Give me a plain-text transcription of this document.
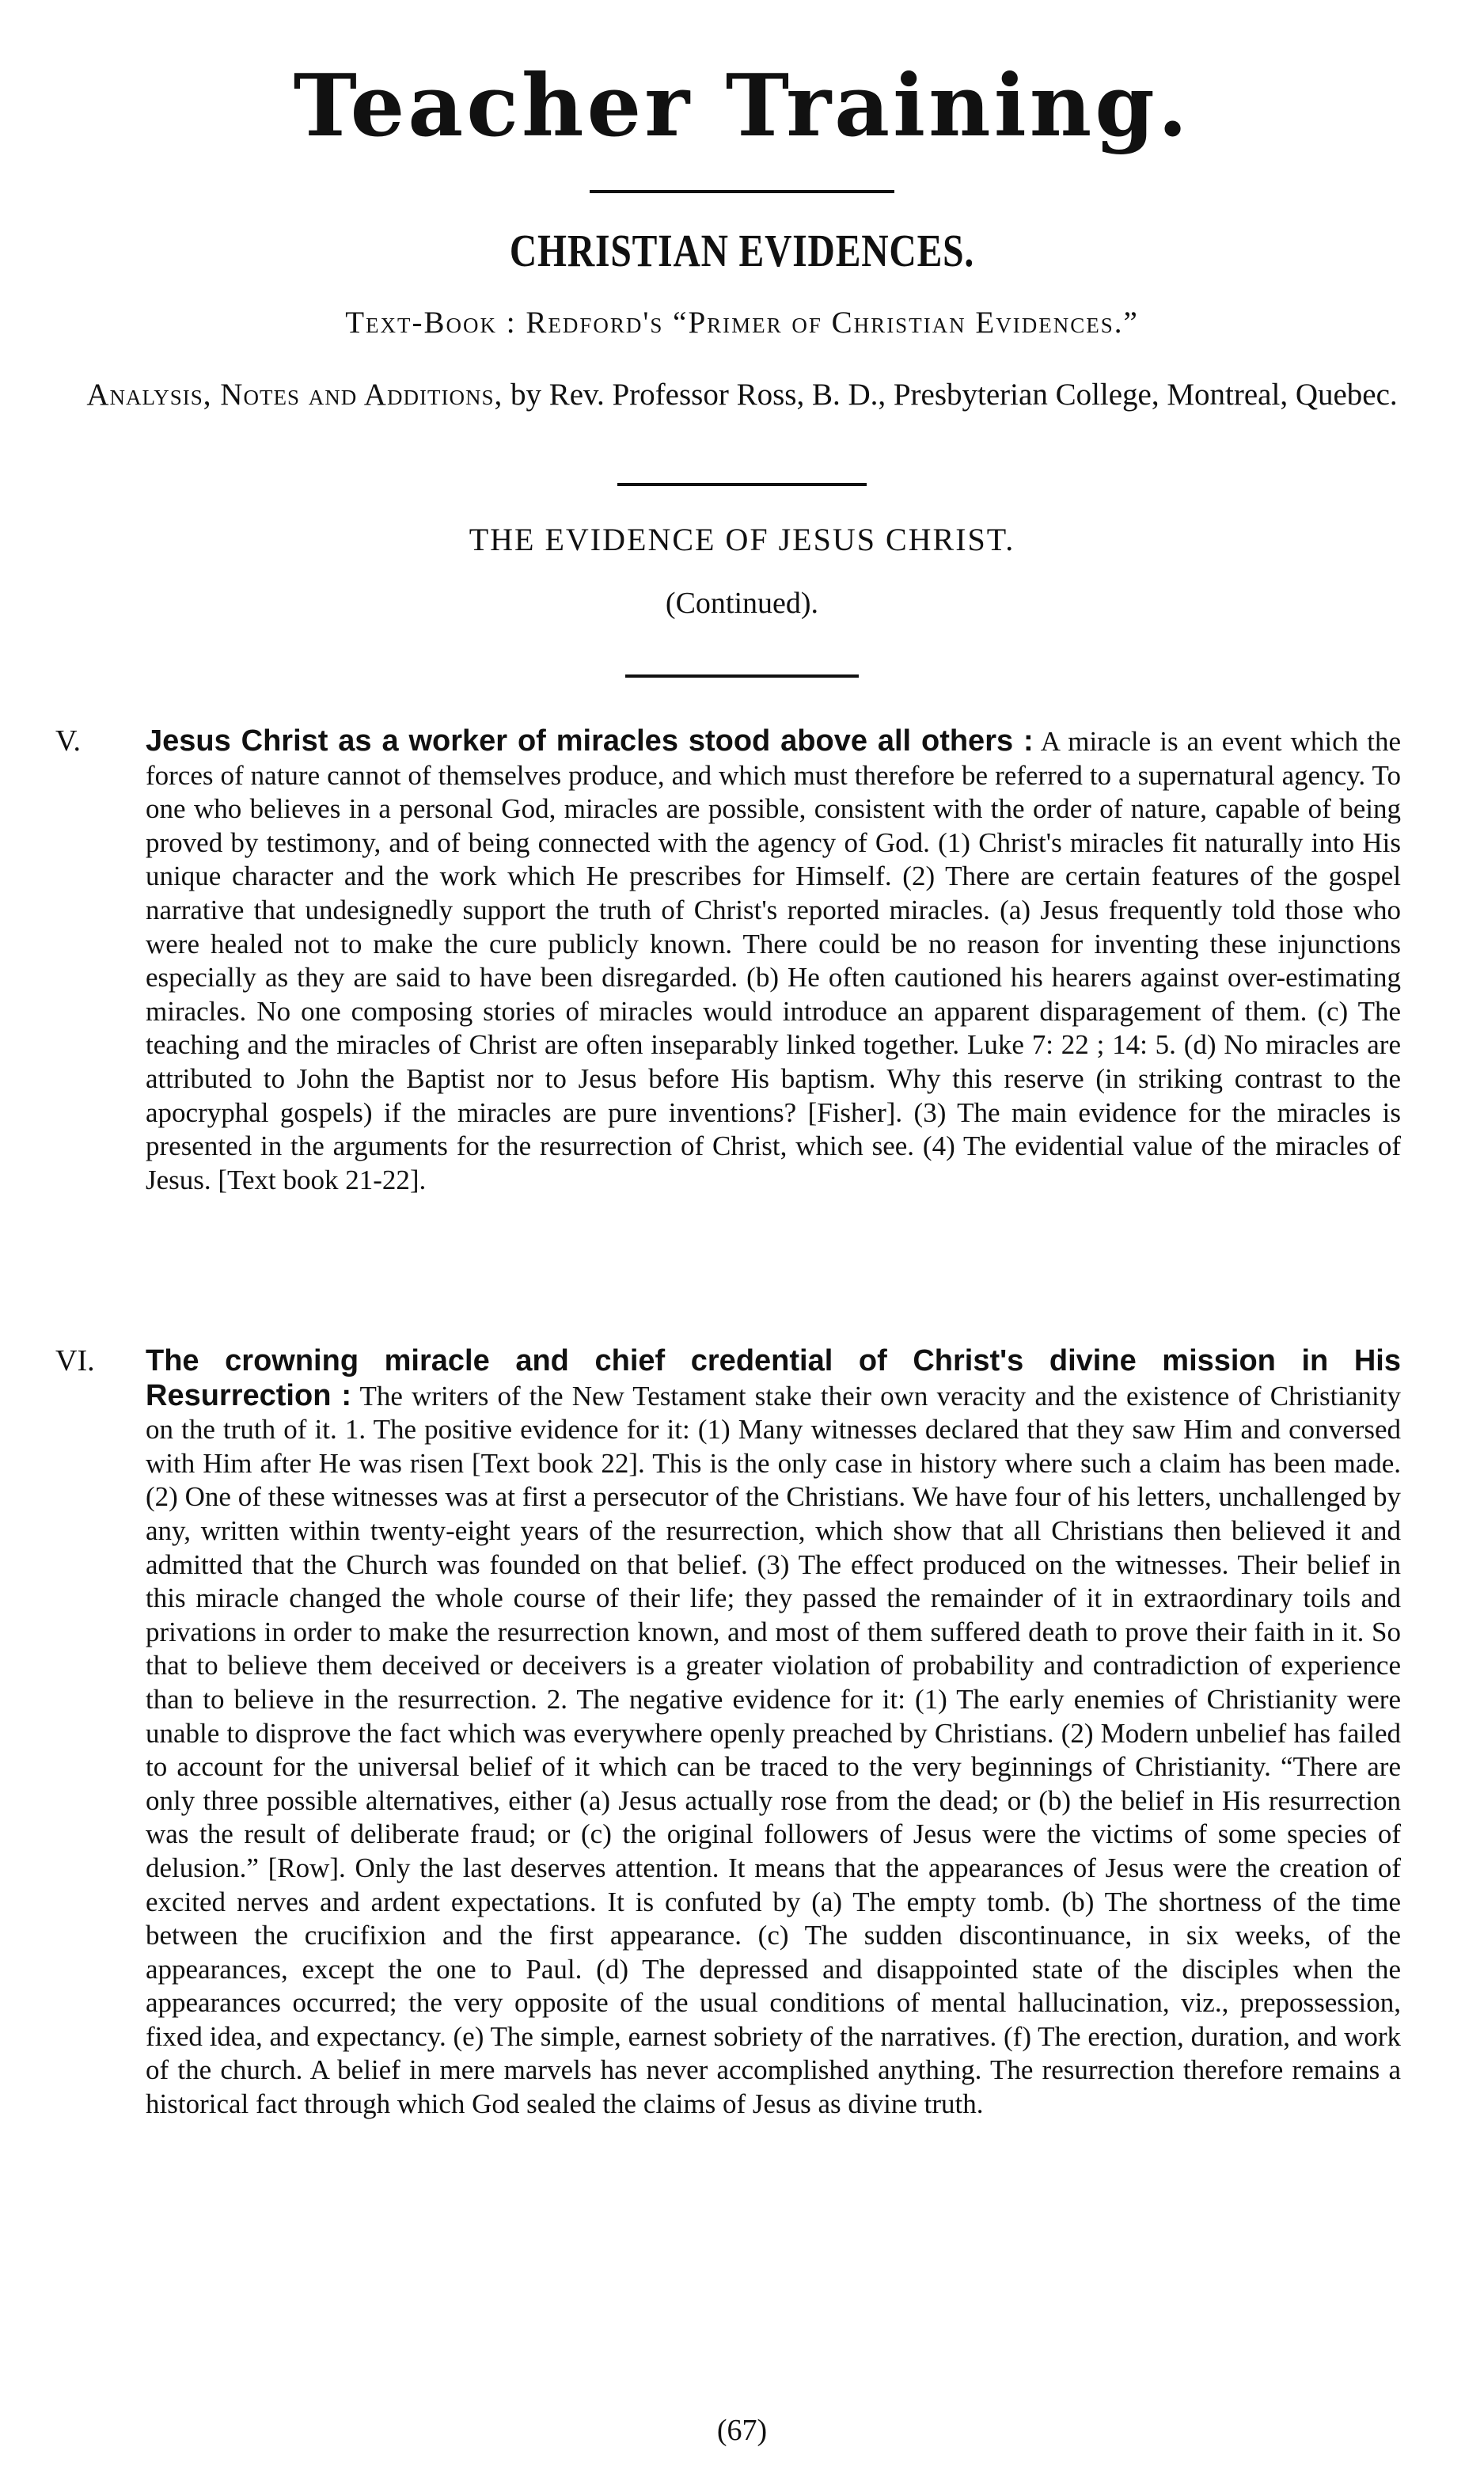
Teacher Training.
CHRISTIAN EVIDENCES.
Text-Book : Redford's “Primer of Christian Evidences.”
Analysis, Notes and Additions, by Rev. Professor Ross, B. D., Presbyterian College, Montreal, Quebec.
THE EVIDENCE OF JESUS CHRIST.
(Continued).
V. Jesus Christ as a worker of miracles stood above all others : A miracle is an event which the forces of nature cannot of themselves produce, and which must therefore be referred to a supernatural agency. To one who believes in a personal God, miracles are possible, consistent with the order of nature, capable of being proved by testimony, and of being connected with the agency of God. (1) Christ's miracles fit naturally into His unique character and the work which He prescribes for Himself. (2) There are certain features of the gospel narrative that undesignedly support the truth of Christ's reported miracles. (a) Jesus frequently told those who were healed not to make the cure publicly known. There could be no reason for inventing these injunctions especially as they are said to have been disregarded. (b) He often cautioned his hearers against over-estimating miracles. No one composing stories of miracles would introduce an apparent disparagement of them. (c) The teaching and the miracles of Christ are often inseparably linked together. Luke 7: 22 ; 14: 5. (d) No miracles are attributed to John the Baptist nor to Jesus before His baptism. Why this reserve (in striking contrast to the apocryphal gospels) if the miracles are pure inventions? [Fisher]. (3) The main evidence for the miracles is presented in the arguments for the resurrection of Christ, which see. (4) The evidential value of the miracles of Jesus. [Text book 21-22].
VI. The crowning miracle and chief credential of Christ's divine mission in His Resurrection : The writers of the New Testament stake their own veracity and the existence of Christianity on the truth of it. 1. The positive evidence for it: (1) Many witnesses declared that they saw Him and conversed with Him after He was risen [Text book 22]. This is the only case in history where such a claim has been made. (2) One of these witnesses was at first a persecutor of the Christians. We have four of his letters, unchallenged by any, written within twenty-eight years of the resurrection, which show that all Christians then believed it and admitted that the Church was founded on that belief. (3) The effect produced on the witnesses. Their belief in this miracle changed the whole course of their life; they passed the remainder of it in extraordinary toils and privations in order to make the resurrection known, and most of them suffered death to prove their faith in it. So that to believe them deceived or deceivers is a greater violation of probability and contradiction of experience than to believe in the resurrection. 2. The negative evidence for it: (1) The early enemies of Christianity were unable to disprove the fact which was everywhere openly preached by Christians. (2) Modern unbelief has failed to account for the universal belief of it which can be traced to the very beginnings of Christianity. “There are only three possible alternatives, either (a) Jesus actually rose from the dead; or (b) the belief in His resurrection was the result of deliberate fraud; or (c) the original followers of Jesus were the victims of some species of delusion.” [Row]. Only the last deserves attention. It means that the appearances of Jesus were the creation of excited nerves and ardent expectations. It is confuted by (a) The empty tomb. (b) The shortness of the time between the crucifixion and the first appearance. (c) The sudden discontinuance, in six weeks, of the appearances, except the one to Paul. (d) The depressed and disappointed state of the disciples when the appearances occurred; the very opposite of the usual conditions of mental hallucination, viz., prepossession, fixed idea, and expectancy. (e) The simple, earnest sobriety of the narratives. (f) The erection, duration, and work of the church. A belief in mere marvels has never accomplished anything. The resurrection therefore remains a historical fact through which God sealed the claims of Jesus as divine truth.
(67)
